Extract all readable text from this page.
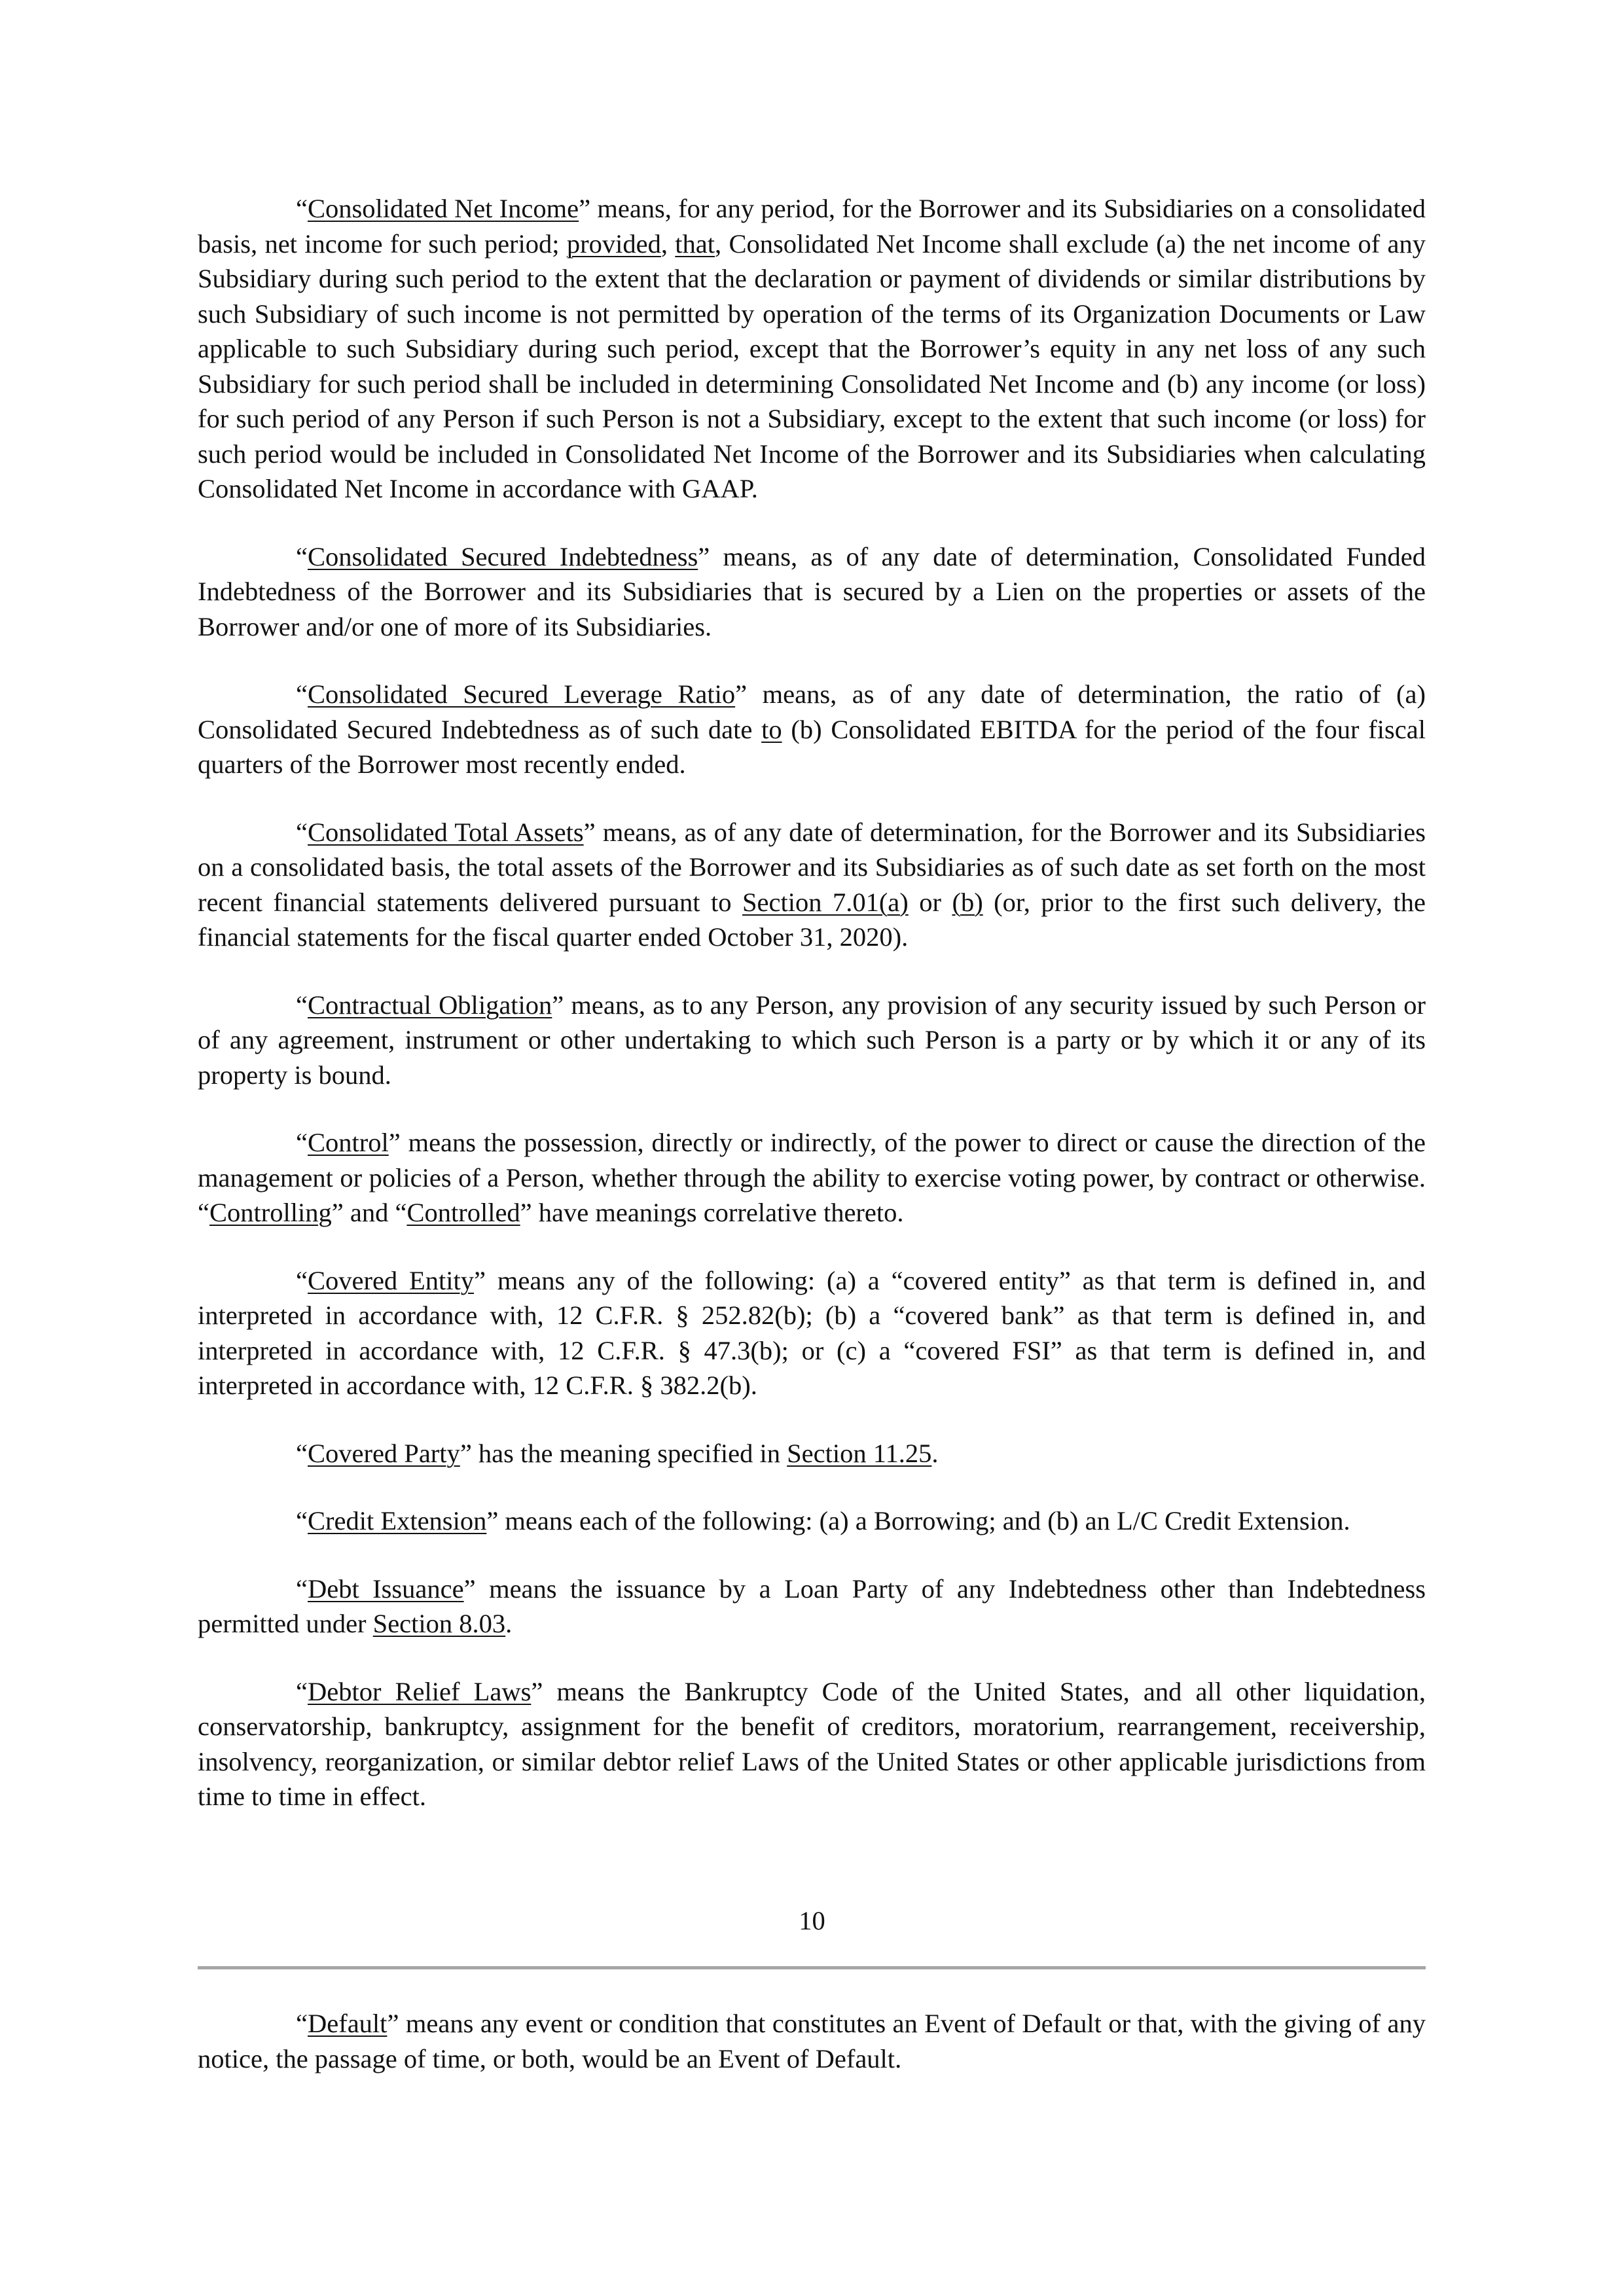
“Consolidated Net Income” means, for any period, for the Borrower and its Subsidiaries on a consolidated basis, net income for such period; provided, that, Consolidated Net Income shall exclude (a) the net income of any Subsidiary during such period to the extent that the declaration or payment of dividends or similar distributions by such Subsidiary of such income is not permitted by operation of the terms of its Organization Documents or Law applicable to such Subsidiary during such period, except that the Borrower’s equity in any net loss of any such Subsidiary for such period shall be included in determining Consolidated Net Income and (b) any income (or loss) for such period of any Person if such Person is not a Subsidiary, except to the extent that such income (or loss) for such period would be included in Consolidated Net Income of the Borrower and its Subsidiaries when calculating Consolidated Net Income in accordance with GAAP.

“Consolidated Secured Indebtedness” means, as of any date of determination, Consolidated Funded Indebtedness of the Borrower and its Subsidiaries that is secured by a Lien on the properties or assets of the Borrower and/or one of more of its Subsidiaries.

“Consolidated Secured Leverage Ratio” means, as of any date of determination, the ratio of (a) Consolidated Secured Indebtedness as of such date to (b) Consolidated EBITDA for the period of the four fiscal quarters of the Borrower most recently ended.

“Consolidated Total Assets” means, as of any date of determination, for the Borrower and its Subsidiaries on a consolidated basis, the total assets of the Borrower and its Subsidiaries as of such date as set forth on the most recent financial statements delivered pursuant to Section 7.01(a) or (b) (or, prior to the first such delivery, the financial statements for the fiscal quarter ended October 31, 2020).

“Contractual Obligation” means, as to any Person, any provision of any security issued by such Person or of any agreement, instrument or other undertaking to which such Person is a party or by which it or any of its property is bound.

“Control” means the possession, directly or indirectly, of the power to direct or cause the direction of the management or policies of a Person, whether through the ability to exercise voting power, by contract or otherwise. “Controlling” and “Controlled” have meanings correlative thereto.

“Covered Entity” means any of the following: (a) a “covered entity” as that term is defined in, and interpreted in accordance with, 12 C.F.R. § 252.82(b); (b) a “covered bank” as that term is defined in, and interpreted in accordance with, 12 C.F.R. § 47.3(b); or (c) a “covered FSI” as that term is defined in, and interpreted in accordance with, 12 C.F.R. § 382.2(b).

“Covered Party” has the meaning specified in Section 11.25.

“Credit Extension” means each of the following: (a) a Borrowing; and (b) an L/C Credit Extension.

“Debt Issuance” means the issuance by a Loan Party of any Indebtedness other than Indebtedness permitted under Section 8.03.

“Debtor Relief Laws” means the Bankruptcy Code of the United States, and all other liquidation, conservatorship, bankruptcy, assignment for the benefit of creditors, moratorium, rearrangement, receivership, insolvency, reorganization, or similar debtor relief Laws of the United States or other applicable jurisdictions from time to time in effect.

10

“Default” means any event or condition that constitutes an Event of Default or that, with the giving of any notice, the passage of time, or both, would be an Event of Default.
